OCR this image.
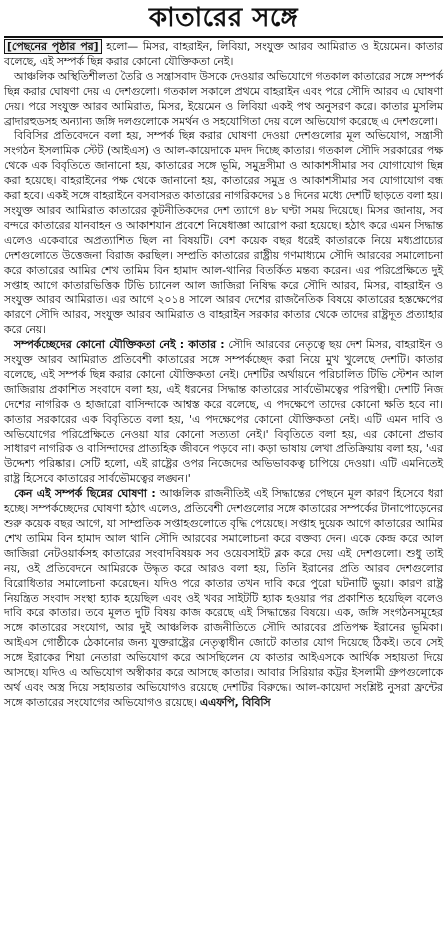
কাতারের সঙ্গে

[পেছনের পৃষ্ঠার পর] হলো— মিসর, বাহরাইন, লিবিয়া, সংযুক্ত আরব আমিরাত ও ইয়েমেন। কাতার বলেছে, এই সম্পর্ক ছিন্ন করার কোনো যৌক্তিকতা নেই।

আঞ্চলিক অস্থিতিশীলতা তৈরি ও সন্ত্রাসবাদ উসকে দেওয়ার অভিযোগে গতকাল কাতারের সঙ্গে সম্পর্ক ছিন্ন করার ঘোষণা দেয় এ দেশগুলো। গতকাল সকালে প্রথমে বাহরাইন এবং পরে সৌদি আরব এ ঘোষণা দেয়। পরে সংযুক্ত আরব আমিরাত, মিসর, ইয়েমেন ও লিবিয়া একই পথ অনুসরণ করে। কাতার মুসলিম ব্রাদারহুডসহ অন্যান্য জঙ্গি দলগুলোকে সমর্থন ও সহযোগিতা দেয় বলে অভিযোগ করেছে এ দেশগুলো।

বিবিসির প্রতিবেদনে বলা হয়, সম্পর্ক ছিন্ন করার ঘোষণা দেওয়া দেশগুলোর মূল অভিযোগ, সন্ত্রাসী সংগঠন ইসলামিক স্টেট (আইএস) ও আল-কায়েদাকে মদদ দিচ্ছে কাতার। গতকাল সৌদি সরকারের পক্ষ থেকে এক বিবৃতিতে জানানো হয়, কাতারের সঙ্গে ভূমি, সমুদ্রসীমা ও আকাশসীমার সব যোগাযোগ ছিন্ন করা হয়েছে। বাহরাইনের পক্ষ থেকে জানানো হয়, কাতারের সমুদ্র ও আকাশসীমার সব যোগাযোগ বন্ধ করা হবে। একই সঙ্গে বাহরাইনে বসবাসরত কাতারের নাগরিকদের ১৪ দিনের মধ্যে দেশটি ছাড়তে বলা হয়। সংযুক্ত আরব আমিরাত কাতারের কূটনীতিকদের দেশ ত্যাগে ৪৮ ঘণ্টা সময় দিয়েছে। মিসর জানায়, সব বন্দরে কাতারের যানবাহন ও আকাশযান প্রবেশে নিষেধাজ্ঞা আরোপ করা হয়েছে। হঠাৎ করে এমন সিদ্ধান্ত এলেও একেবারে অপ্রত্যাশিত ছিল না বিষয়টি। বেশ কয়েক বছর ধরেই কাতারকে নিয়ে মধ্যপ্রাচ্যের দেশগুলোতে উত্তেজনা বিরাজ করছিল। সম্প্রতি কাতারের রাষ্ট্রীয় গণমাধ্যমে সৌদি আরবের সমালোচনা করে কাতারের আমির শেখ তামিম বিন হামাদ আল-থানির বিতর্কিত মন্তব্য করেন। এর পরিপ্রেক্ষিতে দুই সপ্তাহ আগে কাতারভিত্তিক টিভি চ্যানেল আল জাজিরা নিষিদ্ধ করে সৌদি আরব, মিসর, বাহরাইন ও সংযুক্ত আরব আমিরাত। এর আগে ২০১৪ সালে আরব দেশের রাজনৈতিক বিষয়ে কাতারের হস্তক্ষেপের কারণে সৌদি আরব, সংযুক্ত আরব আমিরাত ও বাহরাইন সরকার কাতার থেকে তাদের রাষ্ট্রদূত প্রত্যাহার করে নেয়।

সম্পর্কচ্ছেদের কোনো যৌক্তিকতা নেই : কাতার : সৌদি আরবের নেতৃত্বে ছয় দেশ মিসর, বাহরাইন ও সংযুক্ত আরব আমিরাত প্রতিবেশী কাতারের সঙ্গে সম্পর্কচ্ছেদ করা নিয়ে মুখ খুলেছে দেশটি। কাতার বলেছে, এই সম্পর্ক ছিন্ন করার কোনো যৌক্তিকতা নেই। দেশটির অর্থায়নে পরিচালিত টিভি স্টেশন আল জাজিরায় প্রকাশিত সংবাদে বলা হয়, এই ধরনের সিদ্ধান্ত কাতারের সার্বভৌমত্বের পরিপন্থী। দেশটি নিজ দেশের নাগরিক ও হাজারো বাসিন্দাকে আশ্বস্ত করে বলেছে, এ পদক্ষেপে তাদের কোনো ক্ষতি হবে না। কাতার সরকারের এক বিবৃতিতে বলা হয়, 'এ পদক্ষেপের কোনো যৌক্তিকতা নেই। এটি এমন দাবি ও অভিযোগের পরিপ্রেক্ষিতে নেওয়া যার কোনো সত্যতা নেই।' বিবৃতিতে বলা হয়, এর কোনো প্রভাব সাধারণ নাগরিক ও বাসিন্দাদের প্রাত্যহিক জীবনে পড়বে না। কড়া ভাষায় লেখা প্রতিক্রিয়ায় বলা হয়, 'এর উদ্দেশ্য পরিষ্কার। সেটি হলো, এই রাষ্ট্রের ওপর নিজেদের অভিভাবকত্ব চাপিয়ে দেওয়া। এটি এমনিতেই রাষ্ট্র হিসেবে কাতারের সার্বভৌমত্বের লঙ্ঘন।'

কেন এই সম্পর্ক ছিন্নের ঘোষণা : আঞ্চলিক রাজনীতিই এই সিদ্ধান্তের পেছনে মূল কারণ হিসেবে ধরা হচ্ছে। সম্পর্কচ্ছেদের ঘোষণা হঠাৎ এলেও, প্রতিবেশী দেশগুলোর সঙ্গে কাতারের সম্পর্কের টানাপোড়েনের শুরু কয়েক বছর আগে, যা সাম্প্রতিক সপ্তাহগুলোতে বৃদ্ধি পেয়েছে। সপ্তাহ দুয়েক আগে কাতারের আমির শেখ তামিম বিন হামাদ আল থানি সৌদি আরবের সমালোচনা করে বক্তব্য দেন। একে কেন্দ্র করে আল জাজিরা নেটওয়ার্কসহ কাতারের সংবাদবিষয়ক সব ওয়েবসাইট ব্লক করে দেয় এই দেশগুলো। শুধু তাই নয়, ওই প্রতিবেদনে আমিরকে উদ্ধৃত করে আরও বলা হয়, তিনি ইরানের প্রতি আরব দেশগুলোর বিরোধিতার সমালোচনা করেছেন। যদিও পরে কাতার তখন দাবি করে পুরো ঘটনাটি ভুয়া। কারণ রাষ্ট্র নিয়ন্ত্রিত সংবাদ সংস্থা হ্যাক হয়েছিল এবং ওই খবর সাইটটি হ্যাক হওয়ার পর প্রকাশিত হয়েছিল বলেও দাবি করে কাতার। তবে মূলত দুটি বিষয় কাজ করেছে এই সিদ্ধান্তের বিষয়ে। এক, জঙ্গি সংগঠনসমূহের সঙ্গে কাতারের সংযোগ, আর দুই আঞ্চলিক রাজনীতিতে সৌদি আরবের প্রতিপক্ষ ইরানের ভূমিকা। আইএস গোষ্ঠীকে ঠেকানোর জন্য যুক্তরাষ্ট্রের নেতৃত্বাধীন জোটে কাতার যোগ দিয়েছে ঠিকই। তবে সেই সঙ্গে ইরাকের শিয়া নেতারা অভিযোগ করে আসছিলেন যে কাতার আইএসকে আর্থিক সহায়তা দিয়ে আসছে। যদিও এ অভিযোগ অস্বীকার করে আসছে কাতার। আবার সিরিয়ার কট্টর ইসলামী গ্রুপগুলোকে অর্থ এবং অস্ত্র দিয়ে সহায়তার অভিযোগও রয়েছে দেশটির বিরুদ্ধে। আল-কায়েদা সংশ্লিষ্ট নুসরা ফ্রন্টের সঙ্গে কাতারের সংযোগের অভিযোগও রয়েছে। এএফপি, বিবিসি
